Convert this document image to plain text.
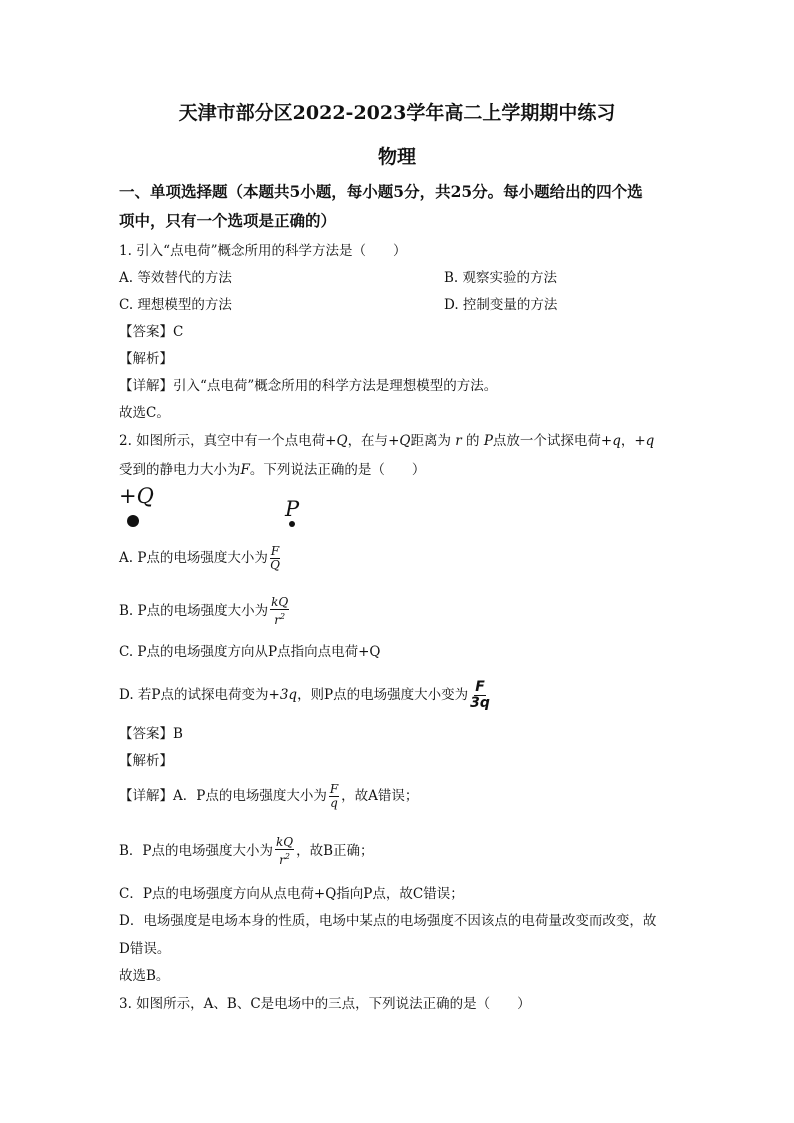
天津市部分区2022-2023学年高二上学期期中练习
物理
一、单项选择题（本题共5小题，每小题5分，共25分。每小题给出的四个选
项中，只有一个选项是正确的）
1. 引入“点电荷”概念所用的科学方法是（　　）
A. 等效替代的方法	B. 观察实验的方法
C. 理想模型的方法	D. 控制变量的方法
【答案】C
【解析】
【详解】引入“点电荷”概念所用的科学方法是理想模型的方法。
故选C。
2. 如图所示，真空中有一个点电荷+Q，在与+Q距离为 r 的 P点放一个试探电荷+q，+q
受到的静电力大小为F。下列说法正确的是（　　）
+Q
P
A. P点的电场强度大小为 $\frac{F}{Q}$
B. P点的电场强度大小为 $\frac{kQ}{r^2}$
C. P点的电场强度方向从P点指向点电荷+Q
D. 若P点的试探电荷变为+3q，则P点的电场强度大小变为 $\frac{F}{3q}$
【答案】B
【解析】
【详解】A．P点的电场强度大小为 $\frac{F}{q}$ ，故A错误；
B．P点的电场强度大小为 $\frac{kQ}{r^2}$ ，故B正确；
C．P点的电场强度方向从点电荷+Q指向P点，故C错误；
D．电场强度是电场本身的性质，电场中某点的电场强度不因该点的电荷量改变而改变，故
D错误。
故选B。
3. 如图所示，A、B、C是电场中的三点，下列说法正确的是（　　）
